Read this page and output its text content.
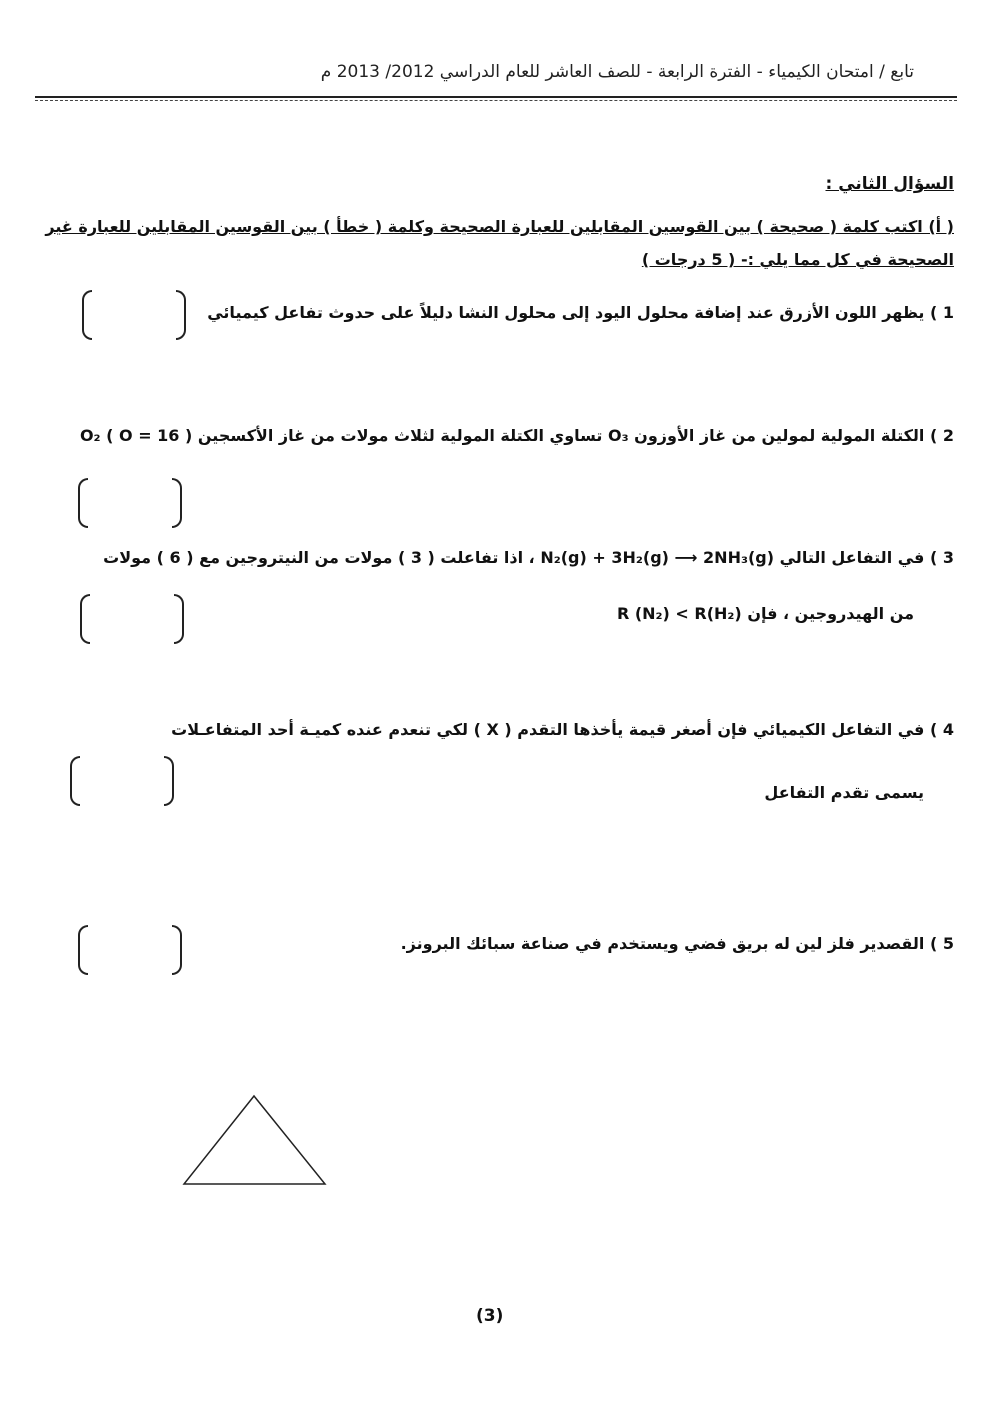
تابع / امتحان الكيمياء - الفترة الرابعة - للصف العاشر للعام الدراسي 2012/ 2013 م
السؤال الثاني :
( أ) اكتب كلمة ( صحيحة ) بين القوسين المقابلين للعبارة الصحيحة وكلمة ( خطأ ) بين القوسين المقابلين للعبارة غير
الصحيحة في كل مما يلي :- ( 5 درجات )
1 ) يظهر اللون الأزرق عند إضافة محلول اليود إلى محلول النشا دليلاً على حدوث تفاعل كيميائي
2 ) الكتلة المولية لمولين من غاز الأوزون O₃ تساوي الكتلة المولية لثلاث مولات من غاز الأكسجين O₂ ( O = 16 )
3 ) في التفاعل التالي N₂(g) + 3H₂(g) ⟶ 2NH₃(g) ، اذا تفاعلت ( 3 ) مولات من النيتروجين مع ( 6 ) مولات
من الهيدروجين ، فإن R (N₂) < R(H₂)
4 ) في التفاعل الكيميائي فإن أصغر قيمة يأخذها التقدم ( X ) لكي تنعدم عنده كميـة أحد المتفاعـلات
يسمى تقدم التفاعل
5 ) القصدير فلز لين له بريق فضي ويستخدم في صناعة سبائك البرونز.
(3)
